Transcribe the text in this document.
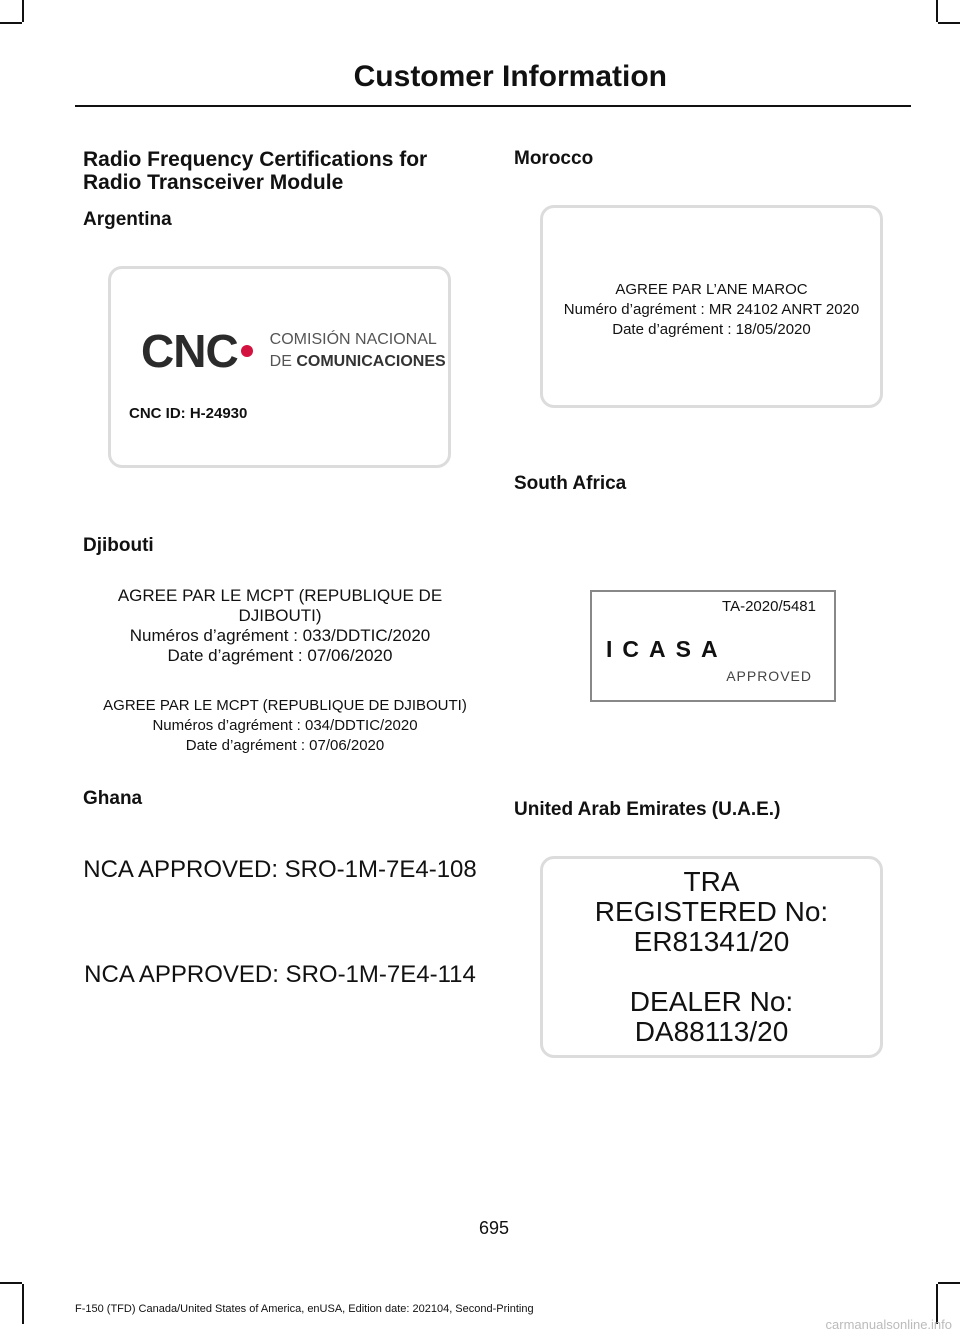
Customer Information
Radio Frequency Certifications for
Radio Transceiver Module
Argentina
CNC COMISIÓN NACIONAL
DE COMUNICACIONES
CNC ID: H-24930
Djibouti
AGREE PAR LE MCPT (REPUBLIQUE DE DJIBOUTI)
Numéros d’agrément : 033/DDTIC/2020
Date d’agrément : 07/06/2020
AGREE PAR LE MCPT (REPUBLIQUE DE DJIBOUTI)
Numéros d’agrément : 034/DDTIC/2020
Date d’agrément : 07/06/2020
Ghana
NCA APPROVED: SRO-1M-7E4-108
NCA APPROVED: SRO-1M-7E4-114
Morocco
AGREE PAR L’ANE MAROC
Numéro d’agrément : MR 24102 ANRT 2020
Date d’agrément : 18/05/2020
South Africa
TA-2020/5481
ICASA
APPROVED
United Arab Emirates (U.A.E.)
TRA
REGISTERED No:
ER81341/20

DEALER No:
DA88113/20
695
F-150 (TFD) Canada/United States of America, enUSA, Edition date: 202104, Second-Printing
carmanualsonline.info
